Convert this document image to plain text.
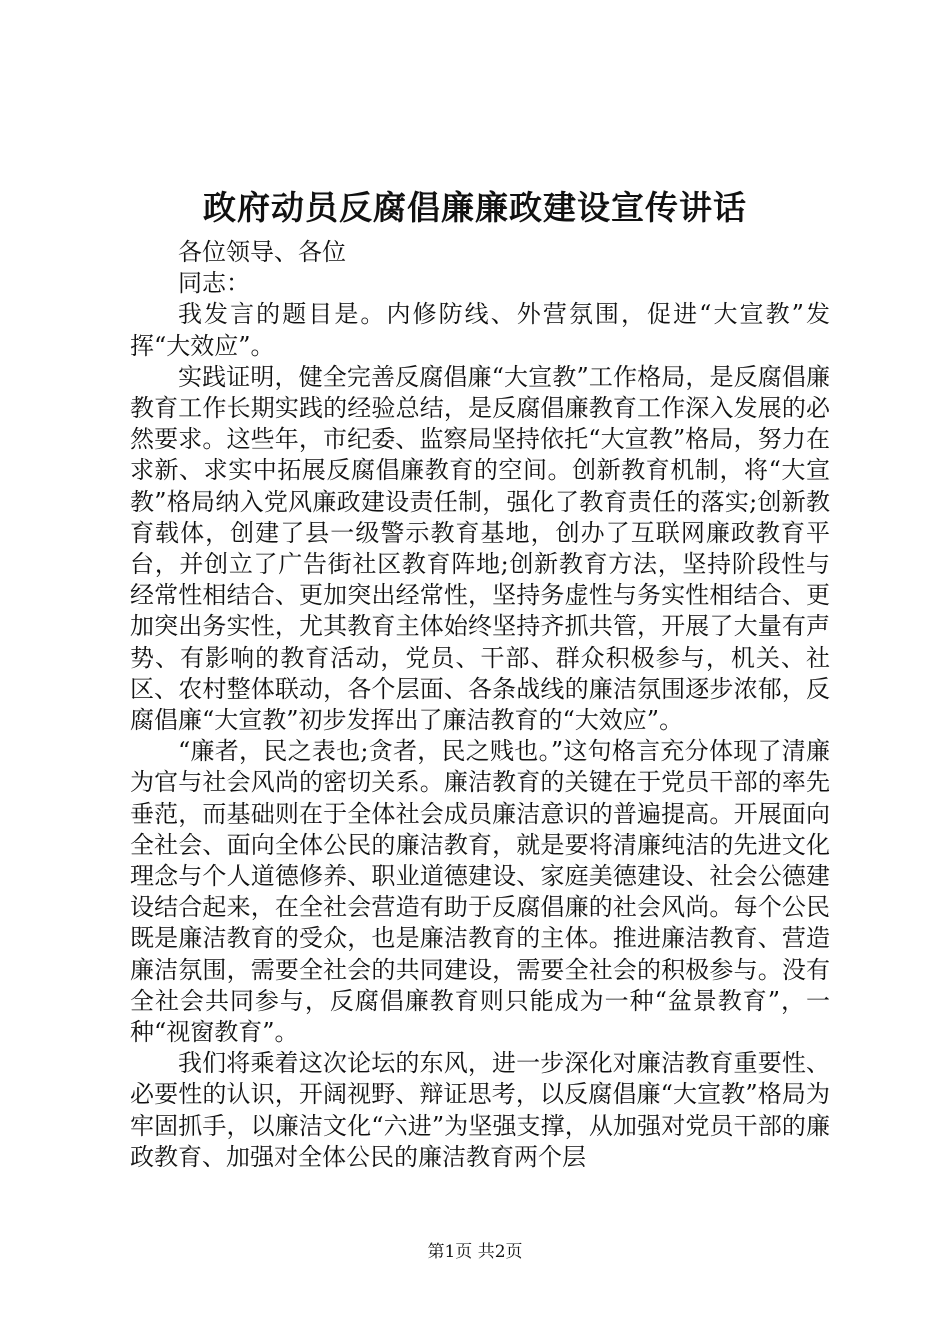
政府动员反腐倡廉廉政建设宣传讲话

各位领导、各位

同志：

我发言的题目是。内修防线、外营氛围，促进“大宣教”发挥“大效应”。

实践证明，健全完善反腐倡廉“大宣教”工作格局，是反腐倡廉教育工作长期实践的经验总结，是反腐倡廉教育工作深入发展的必然要求。这些年，市纪委、监察局坚持依托“大宣教”格局，努力在求新、求实中拓展反腐倡廉教育的空间。创新教育机制，将“大宣教”格局纳入党风廉政建设责任制，强化了教育责任的落实;创新教育载体，创建了县一级警示教育基地，创办了互联网廉政教育平台，并创立了广告街社区教育阵地;创新教育方法，坚持阶段性与经常性相结合、更加突出经常性，坚持务虚性与务实性相结合、更加突出务实性，尤其教育主体始终坚持齐抓共管，开展了大量有声势、有影响的教育活动，党员、干部、群众积极参与，机关、社区、农村整体联动，各个层面、各条战线的廉洁氛围逐步浓郁，反腐倡廉“大宣教”初步发挥出了廉洁教育的“大效应”。

“廉者，民之表也;贪者，民之贱也。”这句格言充分体现了清廉为官与社会风尚的密切关系。廉洁教育的关键在于党员干部的率先垂范，而基础则在于全体社会成员廉洁意识的普遍提高。开展面向全社会、面向全体公民的廉洁教育，就是要将清廉纯洁的先进文化理念与个人道德修养、职业道德建设、家庭美德建设、社会公德建设结合起来，在全社会营造有助于反腐倡廉的社会风尚。每个公民既是廉洁教育的受众，也是廉洁教育的主体。推进廉洁教育、营造廉洁氛围，需要全社会的共同建设，需要全社会的积极参与。没有全社会共同参与，反腐倡廉教育则只能成为一种“盆景教育”，一种“视窗教育”。

我们将乘着这次论坛的东风，进一步深化对廉洁教育重要性、必要性的认识，开阔视野、辩证思考，以反腐倡廉“大宣教”格局为牢固抓手，以廉洁文化“六进”为坚强支撑，从加强对党员干部的廉政教育、加强对全体公民的廉洁教育两个层

第1页 共2页
